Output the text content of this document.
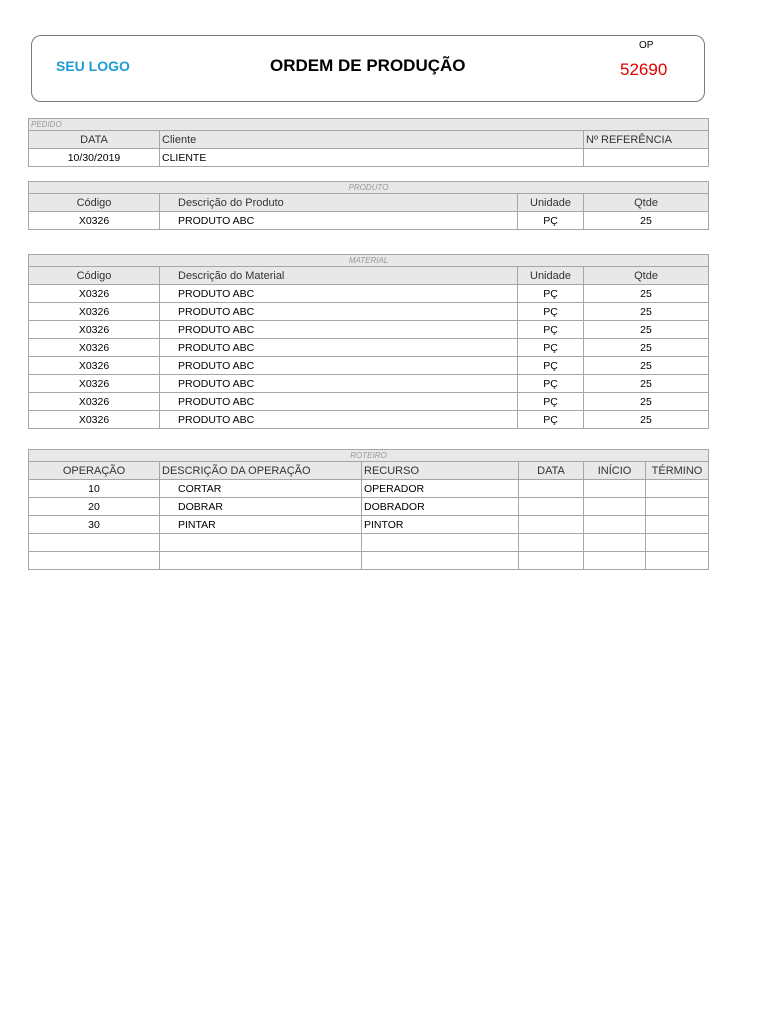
SEU LOGO	ORDEM DE PRODUÇÃO
OP
52690
PEDIDO		
DATA	Cliente	Nº REFERÊNCIA
10/30/2019	CLIENTE	
PRODUTO			
Código	Descrição do Produto	Unidade	Qtde
X0326	PRODUTO ABC	PÇ	25
MATERIAL			
Código	Descrição do Material	Unidade	Qtde
X0326	PRODUTO ABC	PÇ	25
X0326	PRODUTO ABC	PÇ	25
X0326	PRODUTO ABC	PÇ	25
X0326	PRODUTO ABC	PÇ	25
X0326	PRODUTO ABC	PÇ	25
X0326	PRODUTO ABC	PÇ	25
X0326	PRODUTO ABC	PÇ	25
X0326	PRODUTO ABC	PÇ	25
ROTEIRO					
OPERAÇÃO	DESCRIÇÃO DA OPERAÇÃO	RECURSO	DATA	INÍCIO	TÉRMINO
10	CORTAR	OPERADOR			
20	DOBRAR	DOBRADOR			
30	PINTAR	PINTOR			
